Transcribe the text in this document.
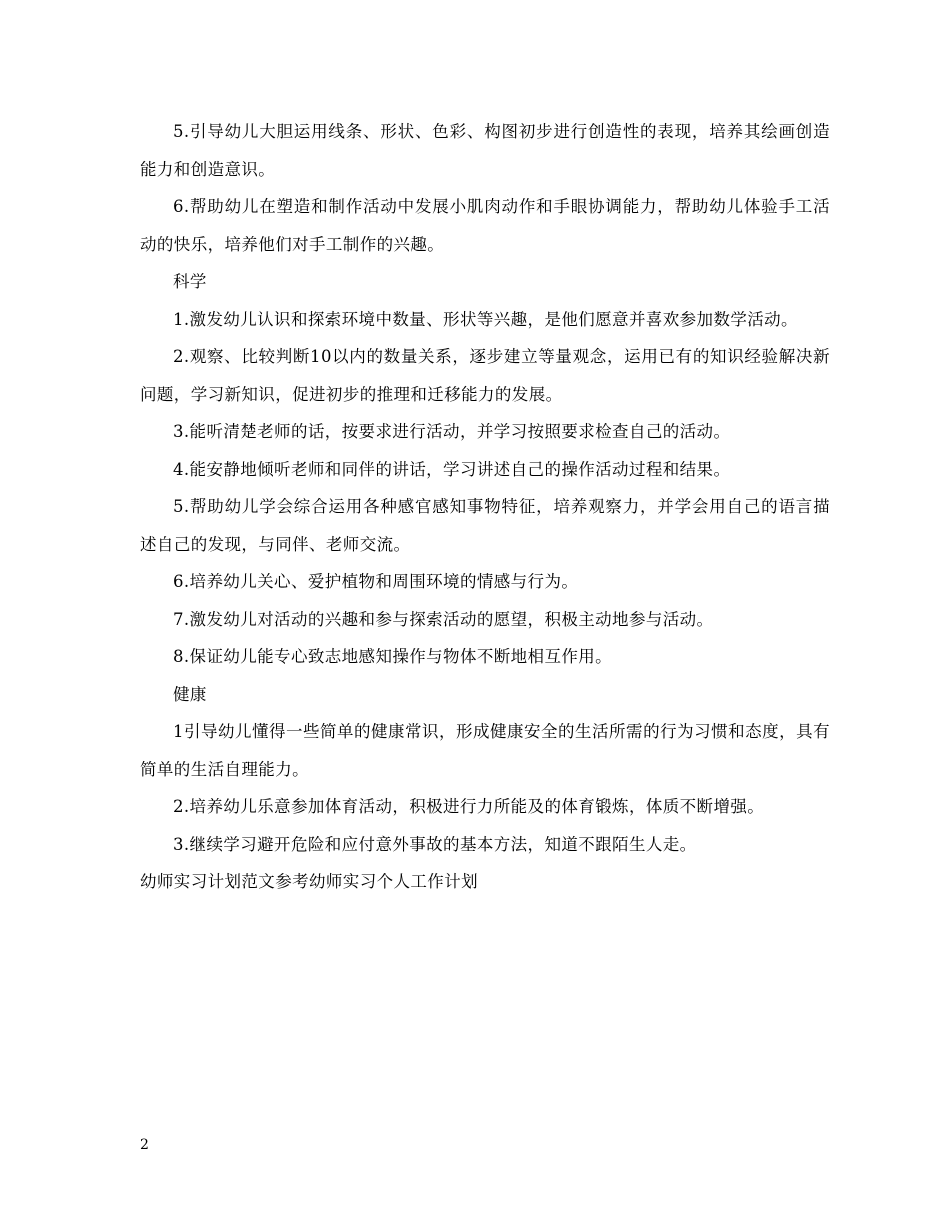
5.引导幼儿大胆运用线条、形状、色彩、构图初步进行创造性的表现，培养其绘画创造能力和创造意识。

6.帮助幼儿在塑造和制作活动中发展小肌肉动作和手眼协调能力，帮助幼儿体验手工活动的快乐，培养他们对手工制作的兴趣。

科学

1.激发幼儿认识和探索环境中数量、形状等兴趣，是他们愿意并喜欢参加数学活动。

2.观察、比较判断10以内的数量关系，逐步建立等量观念，运用已有的知识经验解决新问题，学习新知识，促进初步的推理和迁移能力的发展。

3.能听清楚老师的话，按要求进行活动，并学习按照要求检查自己的活动。

4.能安静地倾听老师和同伴的讲话，学习讲述自己的操作活动过程和结果。

5.帮助幼儿学会综合运用各种感官感知事物特征，培养观察力，并学会用自己的语言描述自己的发现，与同伴、老师交流。

6.培养幼儿关心、爱护植物和周围环境的情感与行为。

7.激发幼儿对活动的兴趣和参与探索活动的愿望，积极主动地参与活动。

8.保证幼儿能专心致志地感知操作与物体不断地相互作用。

健康

1引导幼儿懂得一些简单的健康常识，形成健康安全的生活所需的行为习惯和态度，具有简单的生活自理能力。

2.培养幼儿乐意参加体育活动，积极进行力所能及的体育锻炼，体质不断增强。

3.继续学习避开危险和应付意外事故的基本方法，知道不跟陌生人走。

幼师实习计划范文参考幼师实习个人工作计划

2
